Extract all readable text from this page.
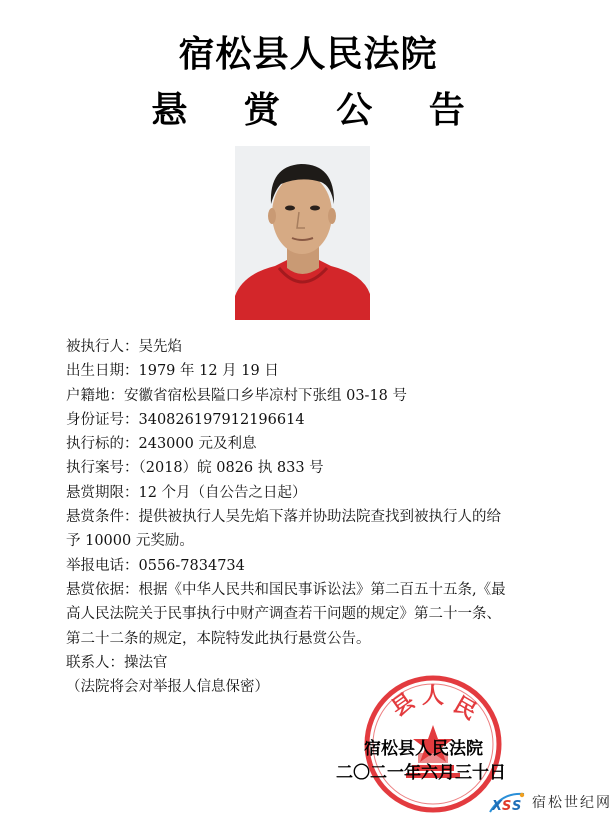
宿松县人民法院
悬 赏 公 告
被执行人：吴先焰
出生日期：1979 年 12 月 19 日
户籍地：安徽省宿松县隘口乡毕凉村下张组 03-18 号
身份证号：340826197912196614
执行标的：243000 元及利息
执行案号：（2018）皖 0826 执 833 号
悬赏期限：12 个月（自公告之日起）
悬赏条件：提供被执行人吴先焰下落并协助法院查找到被执行人的给
予 10000 元奖励。
举报电话：0556-7834734
悬赏依据：根据《中华人民共和国民事诉讼法》第二百五十五条,《最
高人民法院关于民事执行中财产调查若干问题的规定》第二十一条、
第二十二条的规定，本院特发此执行悬赏公告。
联系人：操法官
（法院将会对举报人信息保密）
县 人 民
宿松县人民法院
二〇二一年六月三十日
X S S 宿松世纪网
